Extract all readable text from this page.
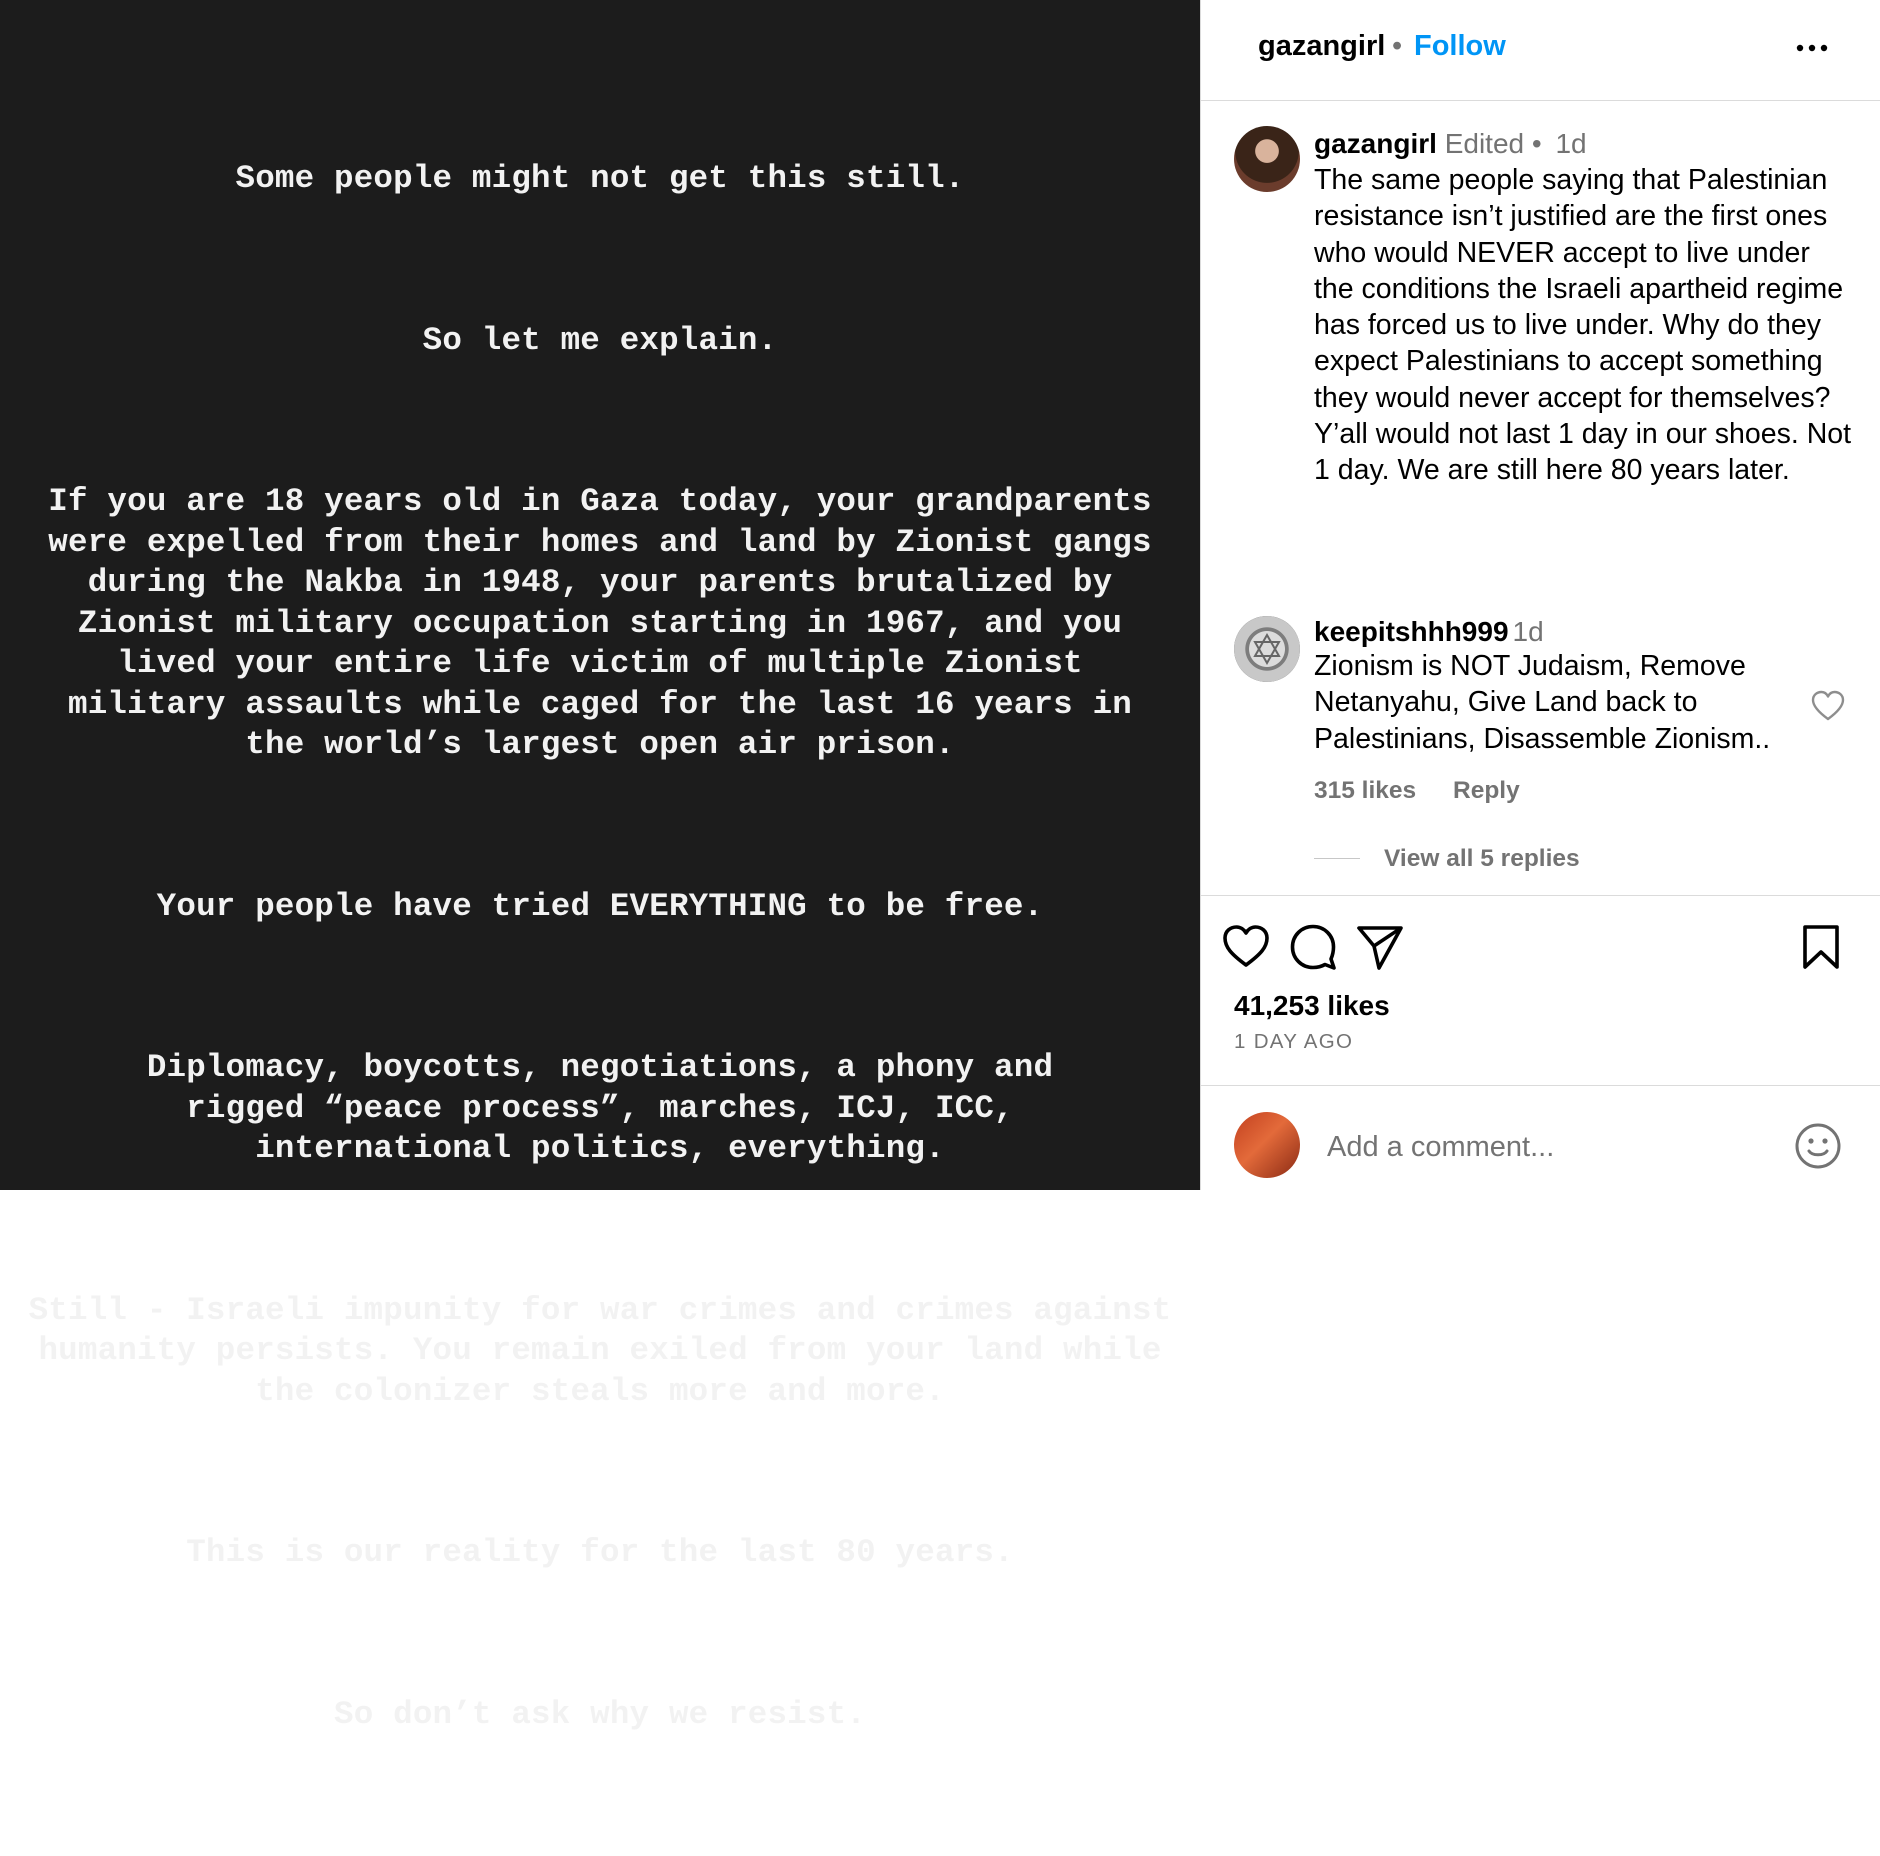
Some people might not get this still.

So let me explain.

If you are 18 years old in Gaza today, your grandparents were expelled from their homes and land by Zionist gangs during the Nakba in 1948, your parents brutalized by Zionist military occupation starting in 1967, and you lived your entire life victim of multiple Zionist military assaults while caged for the last 16 years in the world’s largest open air prison.

Your people have tried EVERYTHING to be free.

Diplomacy, boycotts, negotiations, a phony and rigged “peace process”, marches, ICJ, ICC, international politics, everything.

Still - Israeli impunity for war crimes and crimes against humanity persists. You remain exiled from your land while the colonizer steals more and more.

This is our reality for the last 80 years.

So don’t ask why we resist.

gazangirl • Follow
gazangirl Edited • 1d
The same people saying that Palestinian resistance isn’t justified are the first ones who would NEVER accept to live under the conditions the Israeli apartheid regime has forced us to live under. Why do they expect Palestinians to accept something they would never accept for themselves? Y’all would not last 1 day in our shoes. Not 1 day. We are still here 80 years later.
keepitshhh999 1d
Zionism is NOT Judaism, Remove Netanyahu, Give Land back to Palestinians, Disassemble Zionism..
315 likes Reply
View all 5 replies
41,253 likes
1 DAY AGO
Add a comment...
